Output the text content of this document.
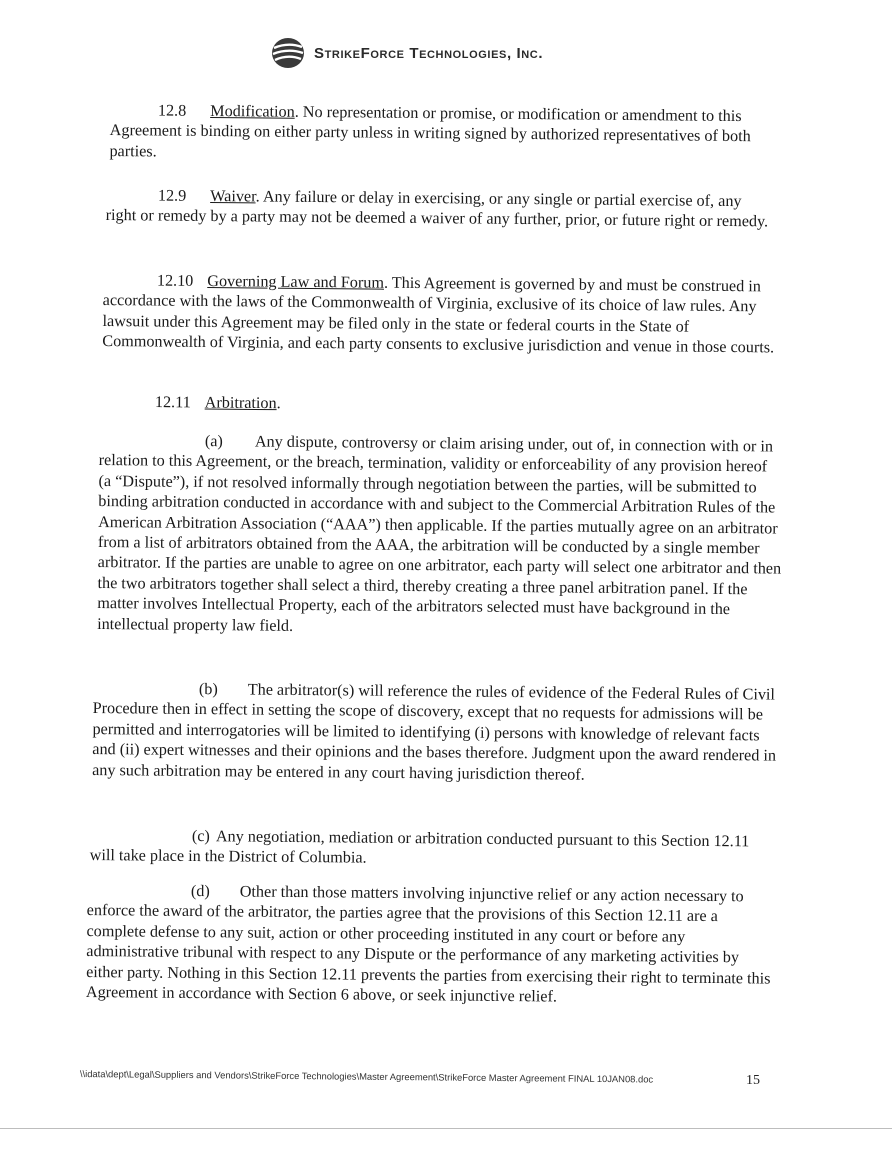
StrikeForce Technologies, Inc.
12.8 Modification. No representation or promise, or modification or amendment to this Agreement is binding on either party unless in writing signed by authorized representatives of both parties.
12.9 Waiver. Any failure or delay in exercising, or any single or partial exercise of, any right or remedy by a party may not be deemed a waiver of any further, prior, or future right or remedy.
12.10 Governing Law and Forum. This Agreement is governed by and must be construed in accordance with the laws of the Commonwealth of Virginia, exclusive of its choice of law rules. Any lawsuit under this Agreement may be filed only in the state or federal courts in the State of Commonwealth of Virginia, and each party consents to exclusive jurisdiction and venue in those courts.
12.11 Arbitration.
(a) Any dispute, controversy or claim arising under, out of, in connection with or in relation to this Agreement, or the breach, termination, validity or enforceability of any provision hereof (a “Dispute”), if not resolved informally through negotiation between the parties, will be submitted to binding arbitration conducted in accordance with and subject to the Commercial Arbitration Rules of the American Arbitration Association (“AAA”) then applicable. If the parties mutually agree on an arbitrator from a list of arbitrators obtained from the AAA, the arbitration will be conducted by a single member arbitrator. If the parties are unable to agree on one arbitrator, each party will select one arbitrator and then the two arbitrators together shall select a third, thereby creating a three panel arbitration panel. If the matter involves Intellectual Property, each of the arbitrators selected must have background in the intellectual property law field.
(b) The arbitrator(s) will reference the rules of evidence of the Federal Rules of Civil Procedure then in effect in setting the scope of discovery, except that no requests for admissions will be permitted and interrogatories will be limited to identifying (i) persons with knowledge of relevant facts and (ii) expert witnesses and their opinions and the bases therefore. Judgment upon the award rendered in any such arbitration may be entered in any court having jurisdiction thereof.
(c) Any negotiation, mediation or arbitration conducted pursuant to this Section 12.11 will take place in the District of Columbia.
(d) Other than those matters involving injunctive relief or any action necessary to enforce the award of the arbitrator, the parties agree that the provisions of this Section 12.11 are a complete defense to any suit, action or other proceeding instituted in any court or before any administrative tribunal with respect to any Dispute or the performance of any marketing activities by either party. Nothing in this Section 12.11 prevents the parties from exercising their right to terminate this Agreement in accordance with Section 6 above, or seek injunctive relief.
\\idata\dept\Legal\Suppliers and Vendors\StrikeForce Technologies\Master Agreement\StrikeForce Master Agreement FINAL 10JAN08.doc	15
